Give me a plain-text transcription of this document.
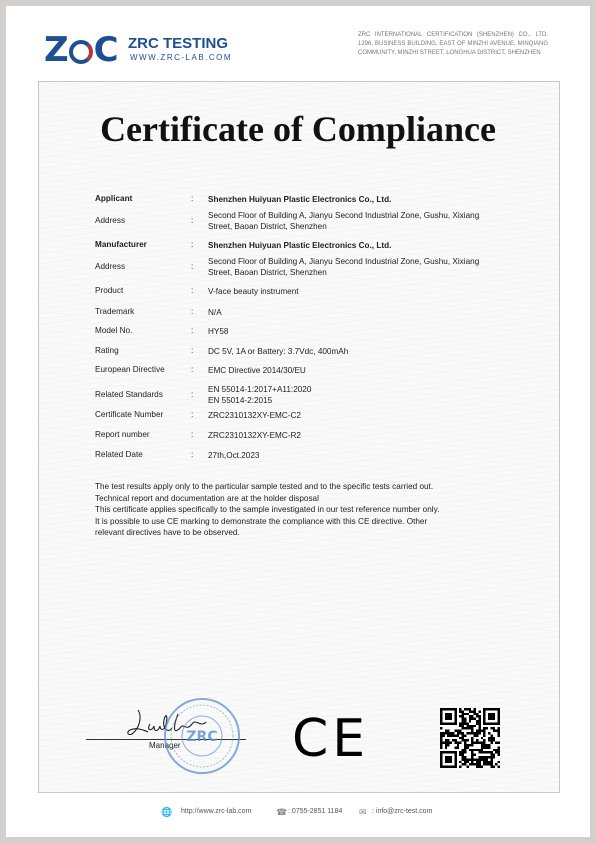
Z C ZRC TESTING
WWW.ZRC-LAB.COM
ZRC INTERNATIONAL CERTIFICATION (SHENZHEN) CO., LTD. 1296, BUSINESS BUILDING, EAST OF MINZHI AVENUE, MINQIANG COMMUNITY, MINZHI STREET, LONGHUA DISTRICT, SHENZHEN
Certificate of Compliance
Applicant	: Shenzhen Huiyuan Plastic Electronics Co., Ltd.
Address	:
Second Floor of Building A, Jianyu Second Industrial Zone, Gushu, Xixiang
Street, Baoan District, Shenzhen
Manufacturer	: Shenzhen Huiyuan Plastic Electronics Co., Ltd.
Address	:
Second Floor of Building A, Jianyu Second Industrial Zone, Gushu, Xixiang
Street, Baoan District, Shenzhen
Product	: V-face beauty instrument
Trademark	: N/A
Model No.	: HY58
Rating	: DC 5V, 1A or Battery: 3.7Vdc, 400mAh
European Directive	: EMC Directive 2014/30/EU
Related Standards	:
EN 55014-1:2017+A11:2020
EN 55014-2:2015
Certificate Number	: ZRC2310132XY-EMC-C2
Report number	: ZRC2310132XY-EMC-R2
Related Date	: 27th,Oct.2023
The test results apply only to the particular sample tested and to the specific tests carried out.
Technical report and documentation are at the holder disposal
This certificate applies specifically to the sample investigated in our test reference number only.
It is possible to use CE marking to demonstrate the compliance with this CE directive. Other
relevant directives have to be observed.
Manager
ZRC CE
🌐 http://www.zrc-lab.com	☎ : 0755-2851 1184 ✉ : info@zrc-test.com
